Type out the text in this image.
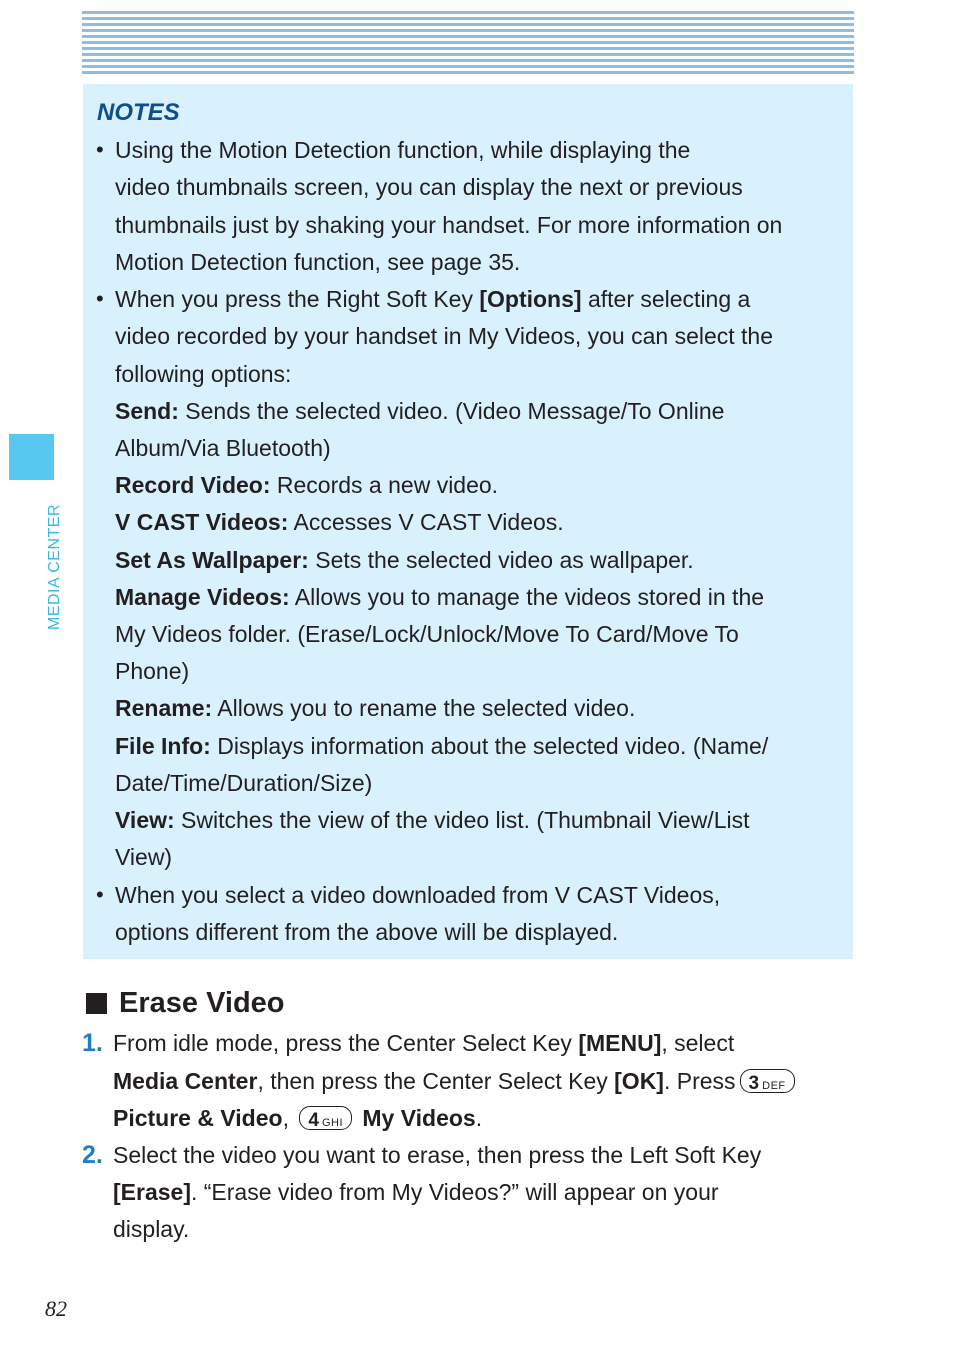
MEDIA CENTER
NOTES
• Using the Motion Detection function, while displaying the
video thumbnails screen, you can display the next or previous
thumbnails just by shaking your handset. For more information on
Motion Detection function, see page 35.
• When you press the Right Soft Key [Options] after selecting a
video recorded by your handset in My Videos, you can select the
following options:
Send: Sends the selected video. (Video Message/To Online
Album/Via Bluetooth)
Record Video: Records a new video.
V CAST Videos: Accesses V CAST Videos.
Set As Wallpaper: Sets the selected video as wallpaper.
Manage Videos: Allows you to manage the videos stored in the
My Videos folder. (Erase/Lock/Unlock/Move To Card/Move To
Phone)
Rename: Allows you to rename the selected video.
File Info: Displays information about the selected video. (Name/
Date/Time/Duration/Size)
View: Switches the view of the video list. (Thumbnail View/List
View)
• When you select a video downloaded from V CAST Videos,
options different from the above will be displayed.
Erase Video
1. From idle mode, press the Center Select Key [MENU], select
Media Center, then press the Center Select Key [OK]. Press 3 DEF
Picture & Video, 4 GHI My Videos.
2. Select the video you want to erase, then press the Left Soft Key
[Erase]. “Erase video from My Videos?” will appear on your
display.
82
